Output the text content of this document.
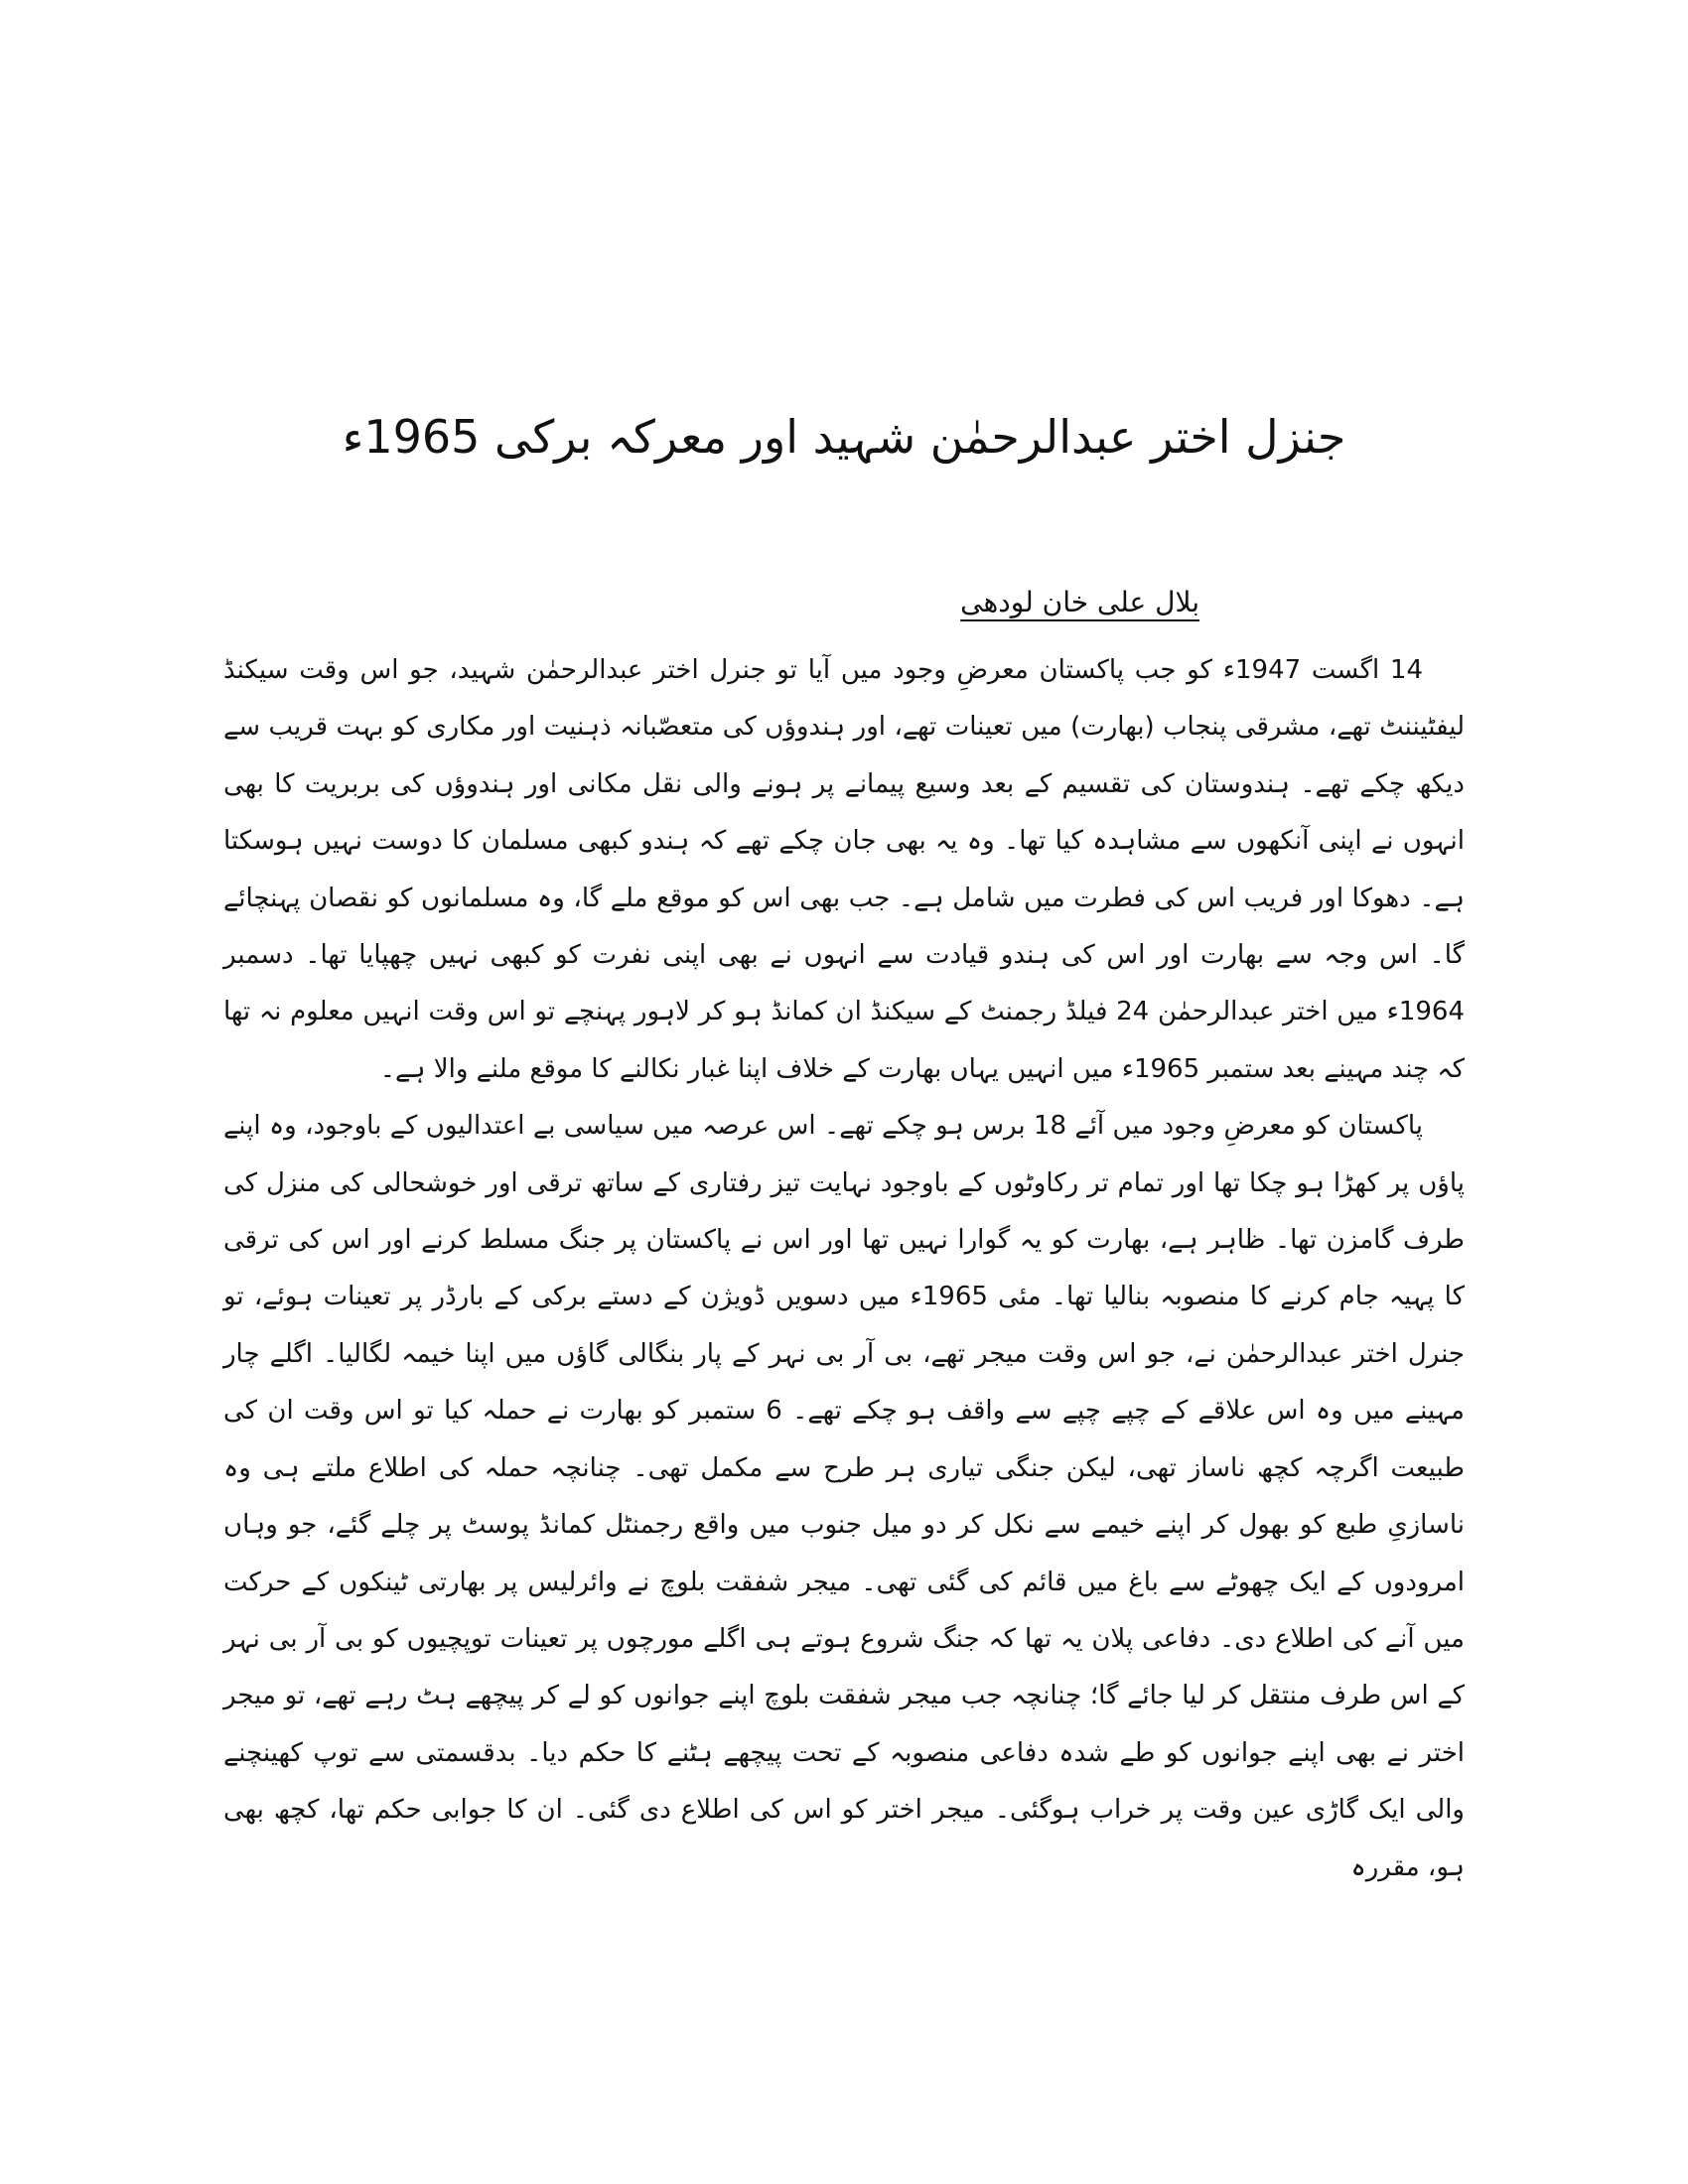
جنزل اختر عبدالرحمٰن شہید اور معرکہ برکی 1965ء

بلال علی خان لودھی

14 اگست 1947ء کو جب پاکستان معرضِ وجود میں آیا تو جنرل اختر عبدالرحمٰن شہید، جو اس وقت سیکنڈ لیفٹیننٹ تھے، مشرقی پنجاب (بھارت) میں تعینات تھے، اور ہندوؤں کی متعصّبانہ ذہنیت اور مکاری کو بہت قریب سے دیکھ چکے تھے۔ ہندوستان کی تقسیم کے بعد وسیع پیمانے پر ہونے والی نقل مکانی اور ہندوؤں کی بربریت کا بھی انہوں نے اپنی آنکھوں سے مشاہدہ کیا تھا۔ وہ یہ بھی جان چکے تھے کہ ہندو کبھی مسلمان کا دوست نہیں ہوسکتا ہے۔ دھوکا اور فریب اس کی فطرت میں شامل ہے۔ جب بھی اس کو موقع ملے گا، وہ مسلمانوں کو نقصان پہنچائے گا۔ اس وجہ سے بھارت اور اس کی ہندو قیادت سے انہوں نے بھی اپنی نفرت کو کبھی نہیں چھپایا تھا۔ دسمبر 1964ء میں اختر عبدالرحمٰن 24 فیلڈ رجمنٹ کے سیکنڈ ان کمانڈ ہو کر لاہور پہنچے تو اس وقت انہیں معلوم نہ تھا کہ چند مہینے بعد ستمبر 1965ء میں انہیں یہاں بھارت کے خلاف اپنا غبار نکالنے کا موقع ملنے والا ہے۔

پاکستان کو معرضِ وجود میں آئے 18 برس ہو چکے تھے۔ اس عرصہ میں سیاسی بے اعتدالیوں کے باوجود، وہ اپنے پاؤں پر کھڑا ہو چکا تھا اور تمام تر رکاوٹوں کے باوجود نہایت تیز رفتاری کے ساتھ ترقی اور خوشحالی کی منزل کی طرف گامزن تھا۔ ظاہر ہے، بھارت کو یہ گوارا نہیں تھا اور اس نے پاکستان پر جنگ مسلط کرنے اور اس کی ترقی کا پہیہ جام کرنے کا منصوبہ بنالیا تھا۔ مئی 1965ء میں دسویں ڈویژن کے دستے برکی کے بارڈر پر تعینات ہوئے، تو جنرل اختر عبدالرحمٰن نے، جو اس وقت میجر تھے، بی آر بی نہر کے پار بنگالی گاؤں میں اپنا خیمہ لگالیا۔ اگلے چار مہینے میں وہ اس علاقے کے چپے چپے سے واقف ہو چکے تھے۔ 6 ستمبر کو بھارت نے حملہ کیا تو اس وقت ان کی طبیعت اگرچہ کچھ ناساز تھی، لیکن جنگی تیاری ہر طرح سے مکمل تھی۔ چنانچہ حملہ کی اطلاع ملتے ہی وہ ناسازیِ طبع کو بھول کر اپنے خیمے سے نکل کر دو میل جنوب میں واقع رجمنٹل کمانڈ پوسٹ پر چلے گئے، جو وہاں امرودوں کے ایک چھوٹے سے باغ میں قائم کی گئی تھی۔ میجر شفقت بلوچ نے وائرلیس پر بھارتی ٹینکوں کے حرکت میں آنے کی اطلاع دی۔ دفاعی پلان یہ تھا کہ جنگ شروع ہوتے ہی اگلے مورچوں پر تعینات توپچیوں کو بی آر بی نہر کے اس طرف منتقل کر لیا جائے گا؛ چنانچہ جب میجر شفقت بلوچ اپنے جوانوں کو لے کر پیچھے ہٹ رہے تھے، تو میجر اختر نے بھی اپنے جوانوں کو طے شدہ دفاعی منصوبہ کے تحت پیچھے ہٹنے کا حکم دیا۔ بدقسمتی سے توپ کھینچنے والی ایک گاڑی عین وقت پر خراب ہوگئی۔ میجر اختر کو اس کی اطلاع دی گئی۔ ان کا جوابی حکم تھا، کچھ بھی ہو، مقررہ
